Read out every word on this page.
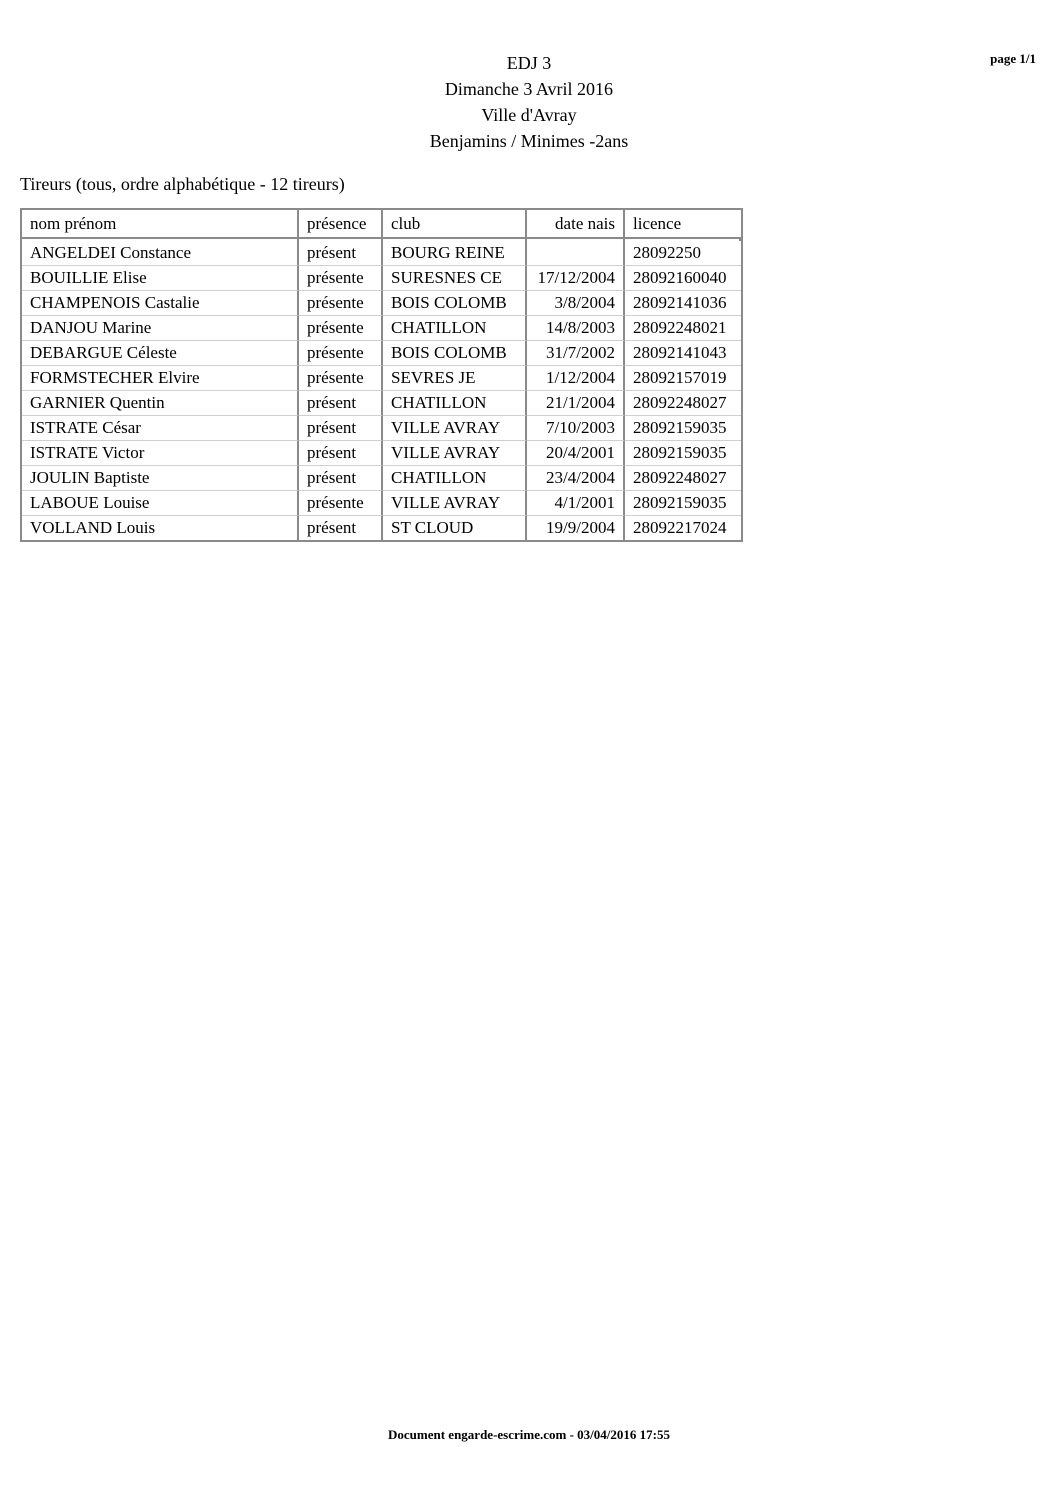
EDJ 3
Dimanche 3 Avril 2016
Ville d'Avray
Benjamins / Minimes -2ans
page 1/1
Tireurs (tous, ordre alphabétique - 12 tireurs)
nom prénom	présence	club	date nais	licence

ANGELDEI Constance	présent	BOURG REINE		28092250
BOUILLIE Elise	présente	SURESNES CE	17/12/2004	28092160040
CHAMPENOIS Castalie	présente	BOIS COLOMB	3/8/2004	28092141036
DANJOU Marine	présente	CHATILLON	14/8/2003	28092248021
DEBARGUE Céleste	présente	BOIS COLOMB	31/7/2002	28092141043
FORMSTECHER Elvire	présente	SEVRES JE	1/12/2004	28092157019
GARNIER Quentin	présent	CHATILLON	21/1/2004	28092248027
ISTRATE César	présent	VILLE AVRAY	7/10/2003	28092159035
ISTRATE Victor	présent	VILLE AVRAY	20/4/2001	28092159035
JOULIN Baptiste	présent	CHATILLON	23/4/2004	28092248027
LABOUE Louise	présente	VILLE AVRAY	4/1/2001	28092159035
VOLLAND Louis	présent	ST CLOUD	19/9/2004	28092217024
Document engarde-escrime.com - 03/04/2016 17:55
